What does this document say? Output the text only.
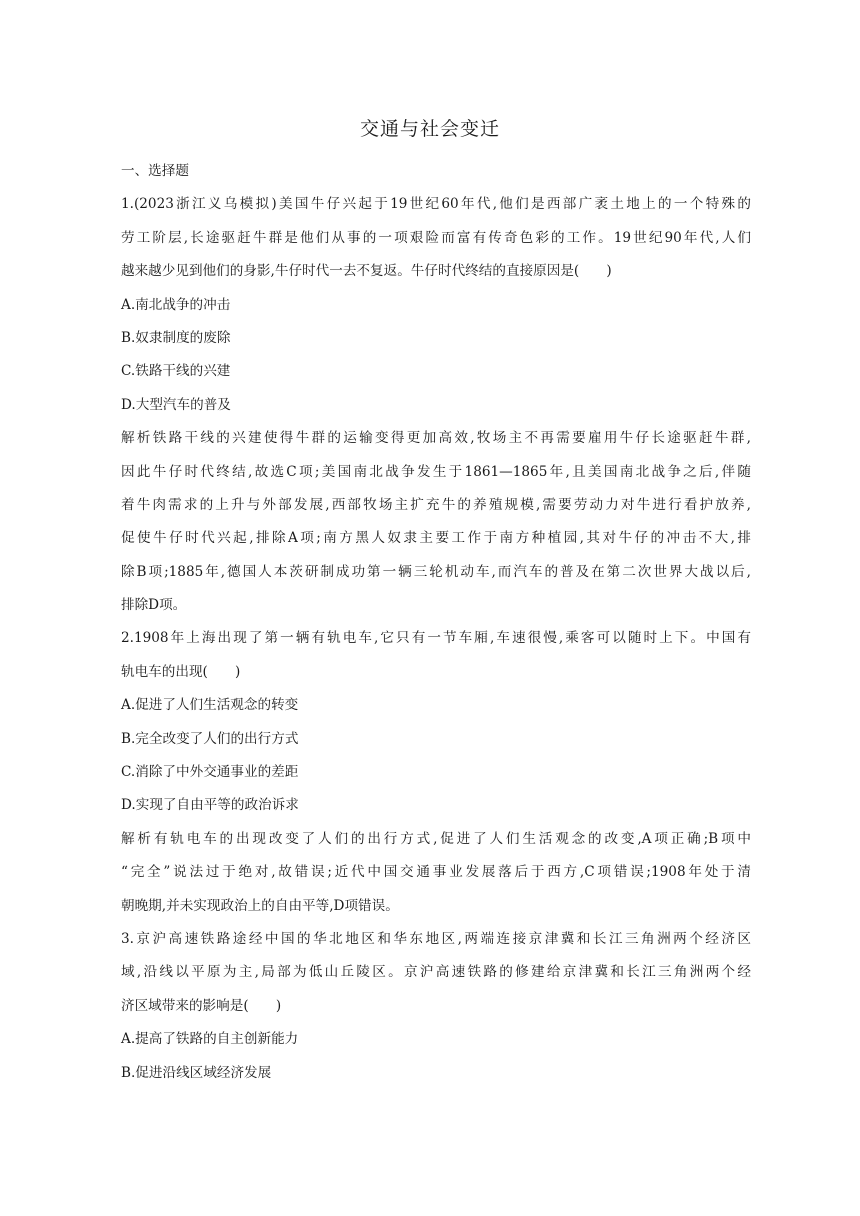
交通与社会变迁
一、选择题
1.(2023浙江义乌模拟)美国牛仔兴起于19世纪60年代,他们是西部广袤土地上的一个特殊的
劳工阶层,长途驱赶牛群是他们从事的一项艰险而富有传奇色彩的工作。19世纪90年代,人们
越来越少见到他们的身影,牛仔时代一去不复返。牛仔时代终结的直接原因是(　　)
A.南北战争的冲击
B.奴隶制度的废除
C.铁路干线的兴建
D.大型汽车的普及
解析铁路干线的兴建使得牛群的运输变得更加高效,牧场主不再需要雇用牛仔长途驱赶牛群,
因此牛仔时代终结,故选C项;美国南北战争发生于1861—1865年,且美国南北战争之后,伴随
着牛肉需求的上升与外部发展,西部牧场主扩充牛的养殖规模,需要劳动力对牛进行看护放养,
促使牛仔时代兴起,排除A项;南方黑人奴隶主要工作于南方种植园,其对牛仔的冲击不大,排
除B项;1885年,德国人本茨研制成功第一辆三轮机动车,而汽车的普及在第二次世界大战以后,
排除D项。
2.1908年上海出现了第一辆有轨电车,它只有一节车厢,车速很慢,乘客可以随时上下。中国有
轨电车的出现(　　)
A.促进了人们生活观念的转变
B.完全改变了人们的出行方式
C.消除了中外交通事业的差距
D.实现了自由平等的政治诉求
解析有轨电车的出现改变了人们的出行方式,促进了人们生活观念的改变,A项正确;B项中
“完全”说法过于绝对,故错误;近代中国交通事业发展落后于西方,C项错误;1908年处于清
朝晚期,并未实现政治上的自由平等,D项错误。
3.京沪高速铁路途经中国的华北地区和华东地区,两端连接京津冀和长江三角洲两个经济区
域,沿线以平原为主,局部为低山丘陵区。京沪高速铁路的修建给京津冀和长江三角洲两个经
济区域带来的影响是(　　)
A.提高了铁路的自主创新能力
B.促进沿线区域经济发展
